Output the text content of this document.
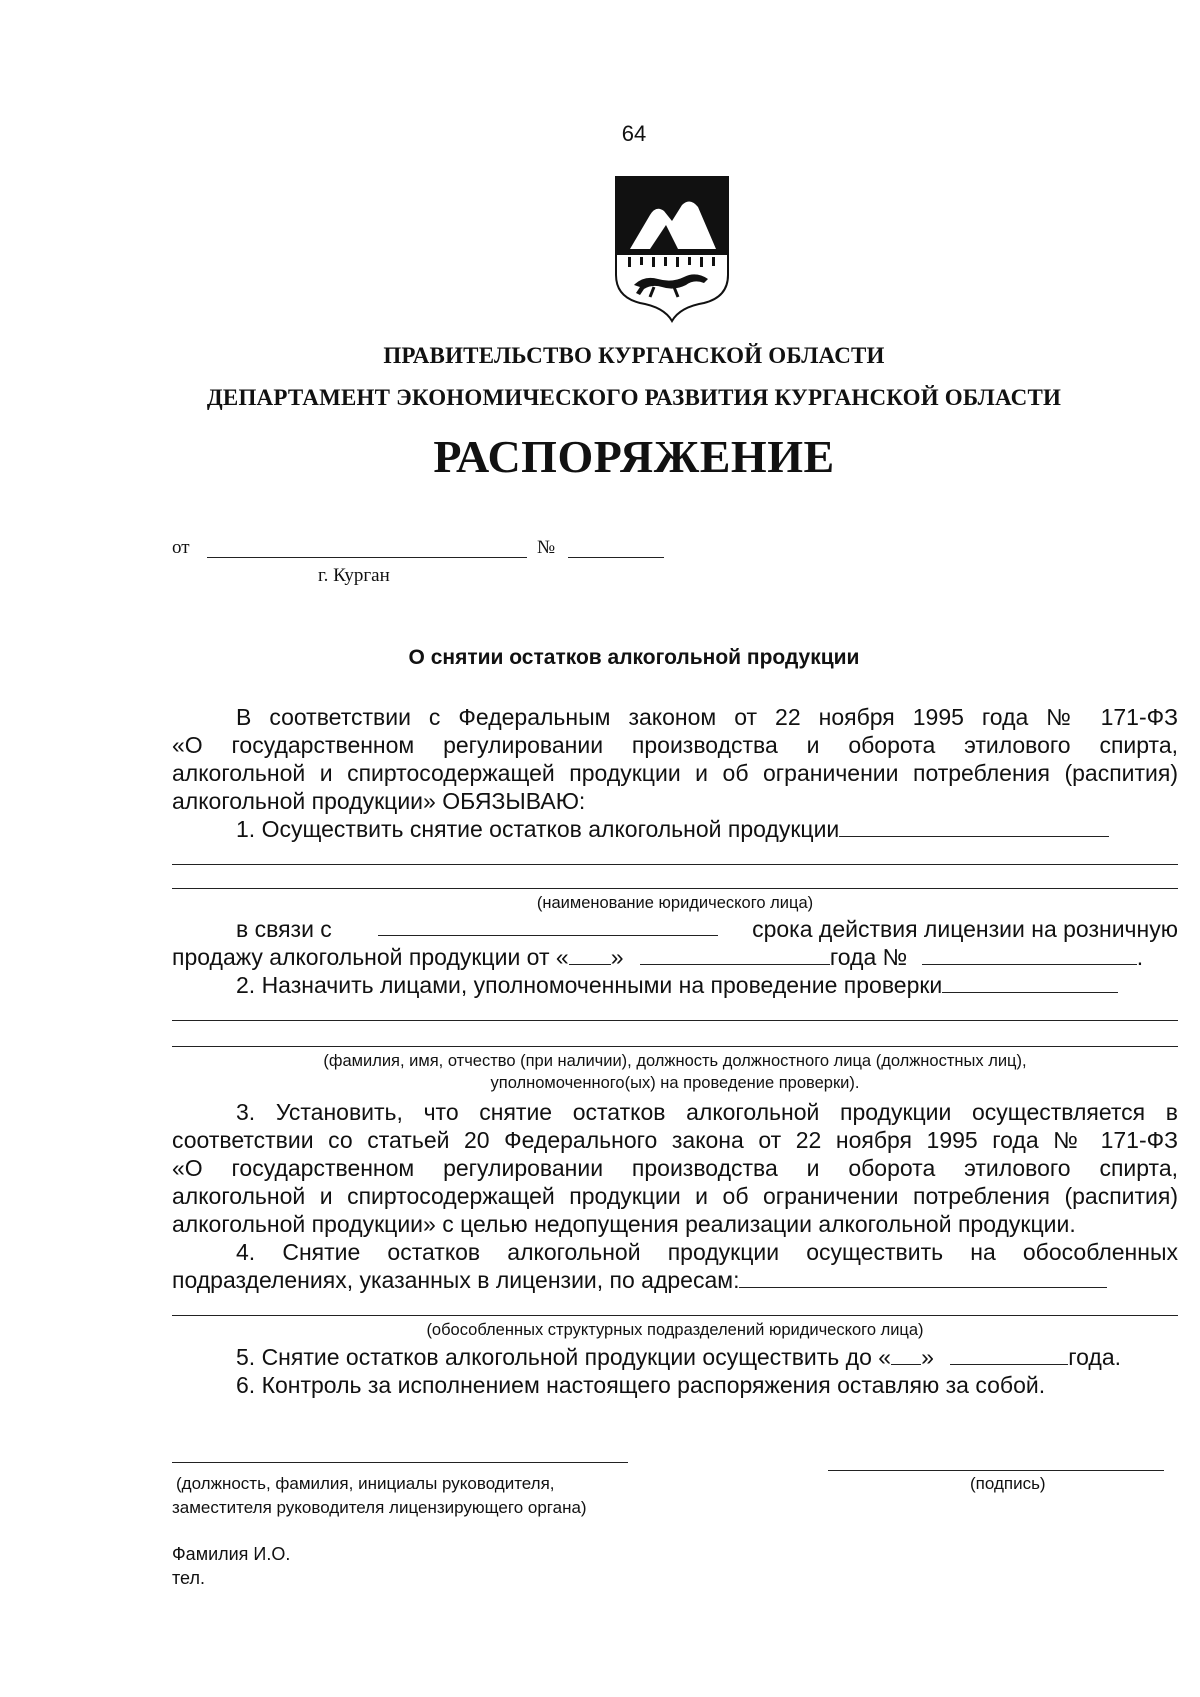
64
ПРАВИТЕЛЬСТВО КУРГАНСКОЙ ОБЛАСТИ
ДЕПАРТАМЕНТ ЭКОНОМИЧЕСКОГО РАЗВИТИЯ КУРГАНСКОЙ ОБЛАСТИ
РАСПОРЯЖЕНИЕ
от	№
г. Курган
О снятии остатков алкогольной продукции
В соответствии с Федеральным законом от 22 ноября 1995 года № 171-ФЗ
«О государственном регулировании производства и оборота этилового спирта,
алкогольной и спиртосодержащей продукции и об ограничении потребления (распития)
алкогольной продукции» ОБЯЗЫВАЮ:
1. Осуществить снятие остатков алкогольной продукции
(наименование юридического лица)
в связи с	срока действия лицензии на розничную
продажу алкогольной продукции от « »	года №	.
2. Назначить лицами, уполномоченными на проведение проверки
(фамилия, имя, отчество (при наличии), должность должностного лица (должностных лиц),
уполномоченного(ых) на проведение проверки).
3. Установить, что снятие остатков алкогольной продукции осуществляется в
соответствии со статьей 20 Федерального закона от 22 ноября 1995 года № 171-ФЗ
«О государственном регулировании производства и оборота этилового спирта,
алкогольной и спиртосодержащей продукции и об ограничении потребления (распития)
алкогольной продукции» с целью недопущения реализации алкогольной продукции.
4. Снятие остатков алкогольной продукции осуществить на обособленных
подразделениях, указанных в лицензии, по адресам:
(обособленных структурных подразделений юридического лица)
5. Снятие остатков алкогольной продукции осуществить до « »	года.
6. Контроль за исполнением настоящего распоряжения оставляю за собой.
(должность, фамилия, инициалы руководителя,
заместителя руководителя лицензирующего органа)
(подпись)
Фамилия И.О.
тел.
